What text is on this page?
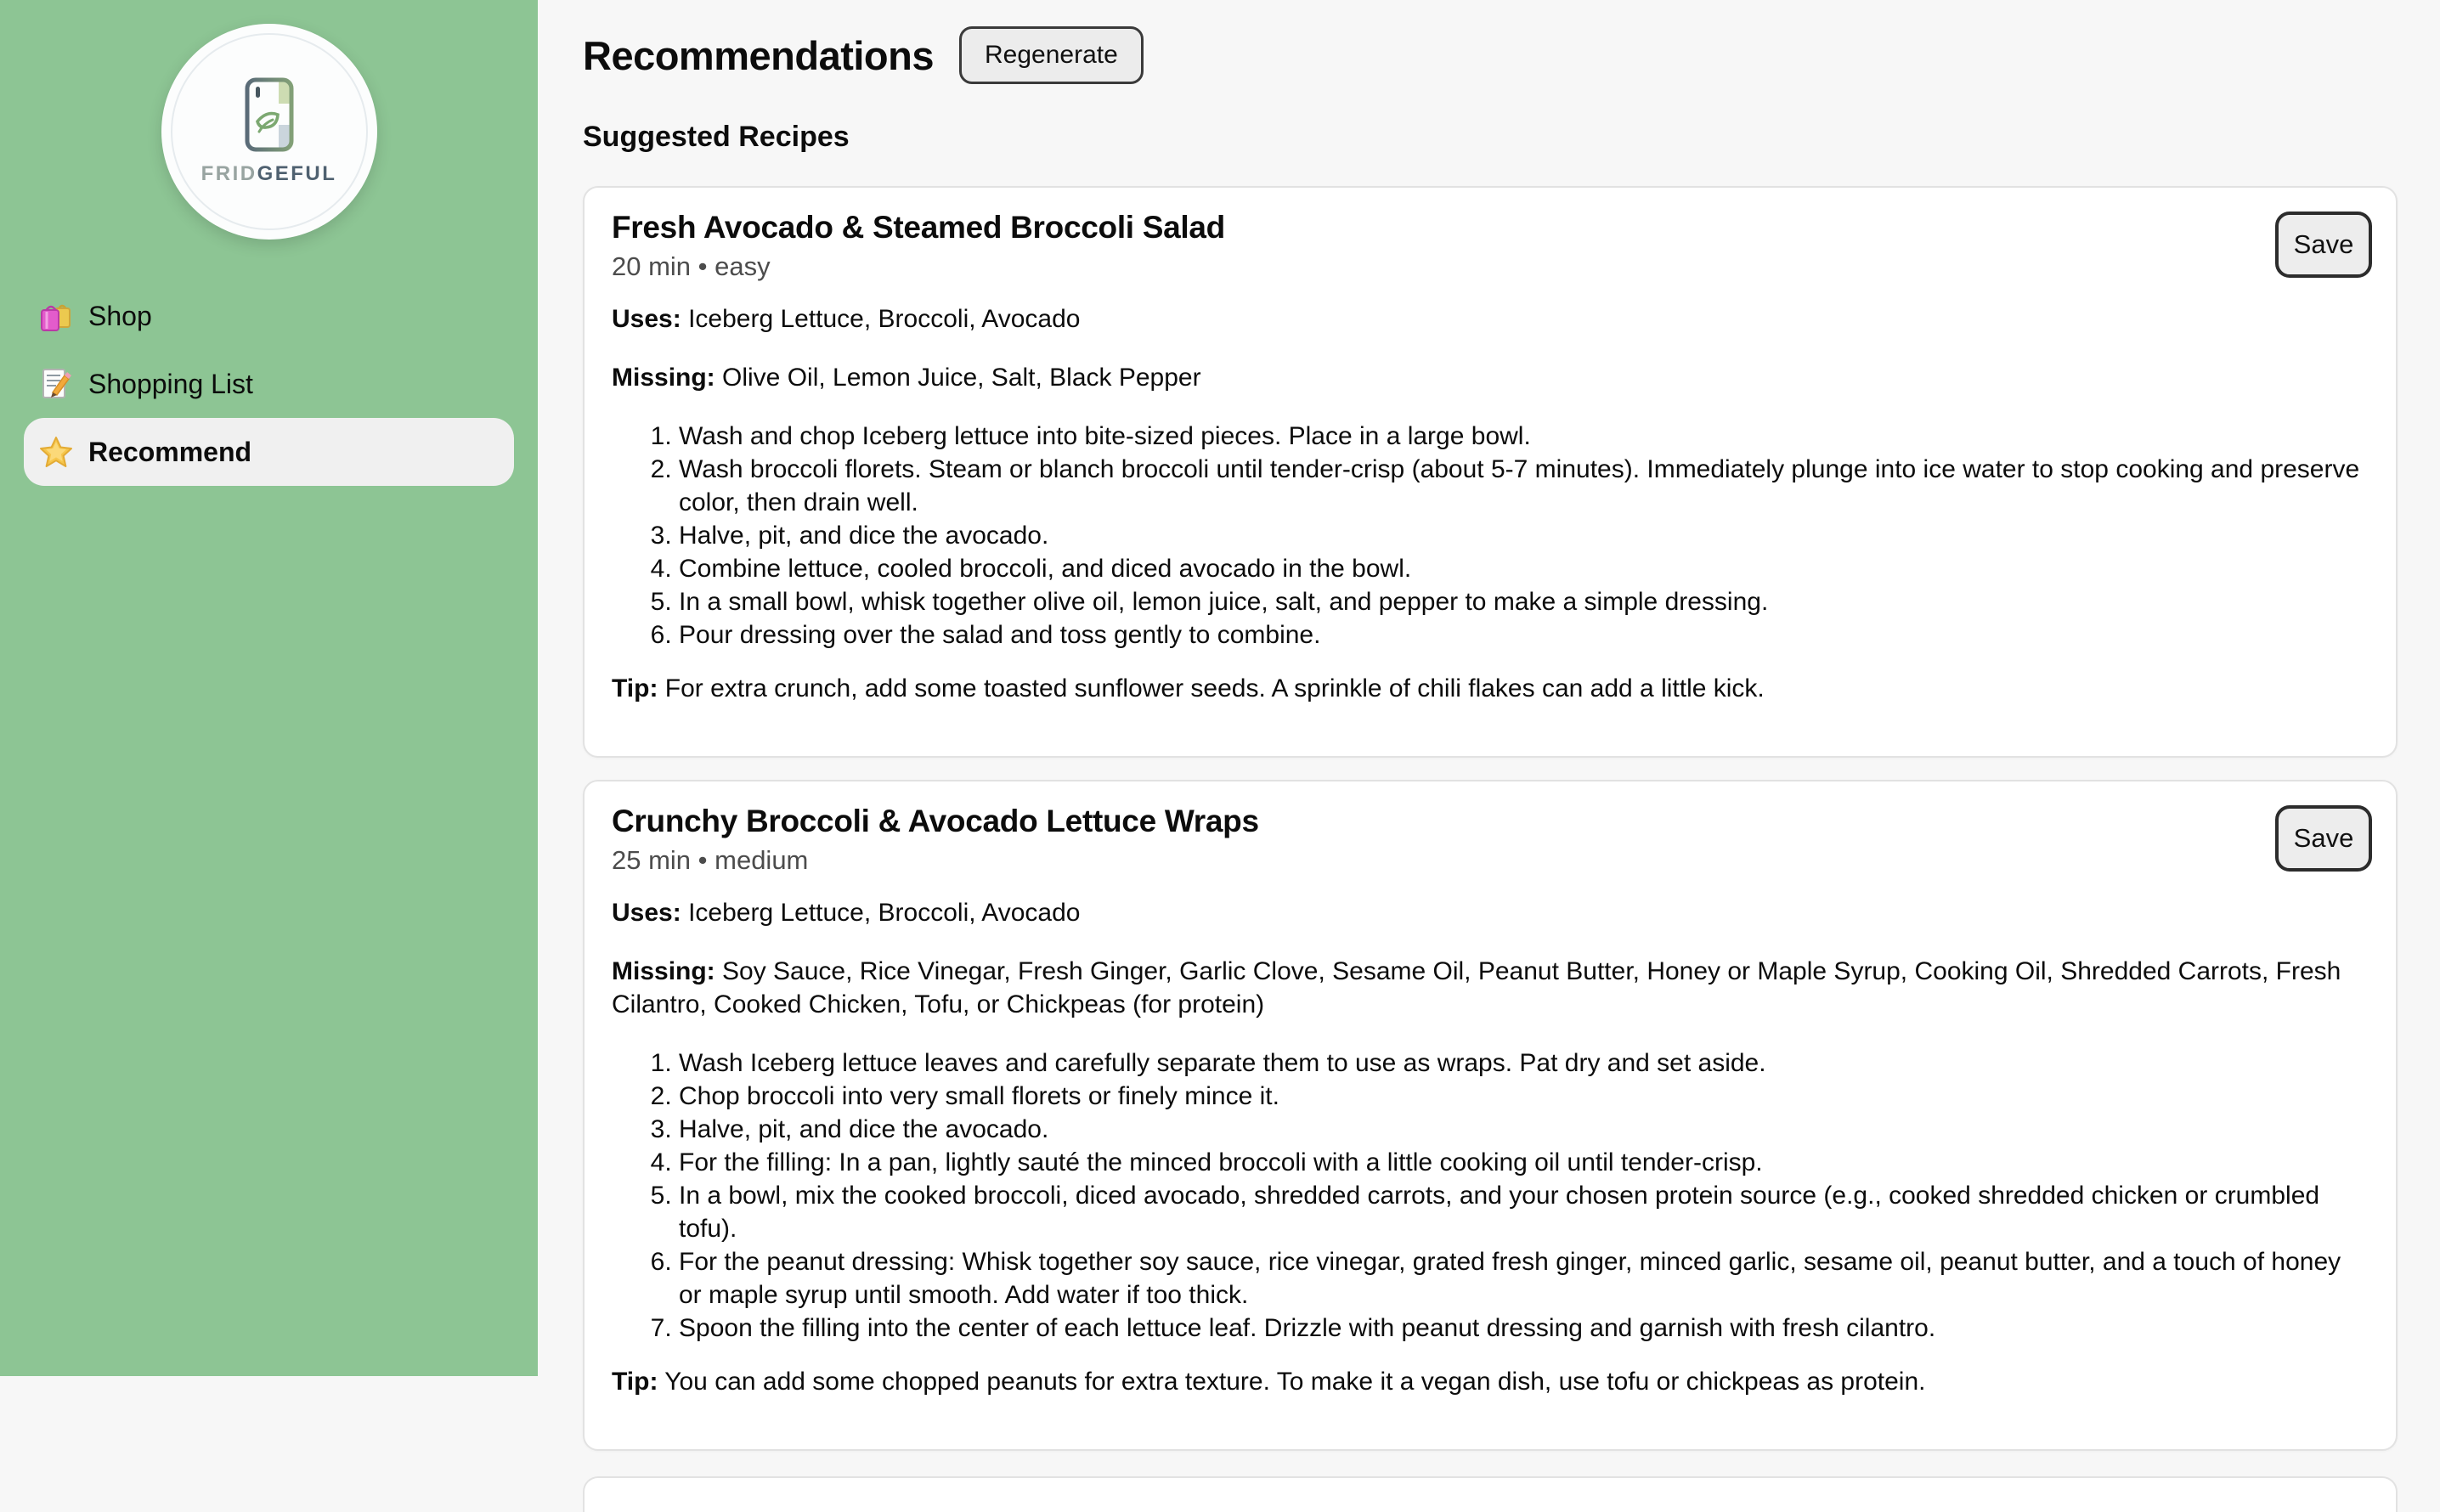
FRIDGEFUL
Shop
Shopping List
Recommend
Recommendations	Regenerate
Suggested Recipes
Save
Fresh Avocado & Steamed Broccoli Salad
20 min • easy

Uses: Iceberg Lettuce, Broccoli, Avocado

Missing: Olive Oil, Lemon Juice, Salt, Black Pepper

1. Wash and chop Iceberg lettuce into bite-sized pieces. Place in a large bowl.
2. Wash broccoli florets. Steam or blanch broccoli until tender-crisp (about 5-7 minutes). Immediately plunge into ice water to stop cooking and preserve color, then drain well.
3. Halve, pit, and dice the avocado.
4. Combine lettuce, cooled broccoli, and diced avocado in the bowl.
5. In a small bowl, whisk together olive oil, lemon juice, salt, and pepper to make a simple dressing.
6. Pour dressing over the salad and toss gently to combine.

Tip: For extra crunch, add some toasted sunflower seeds. A sprinkle of chili flakes can add a little kick.

Save
Crunchy Broccoli & Avocado Lettuce Wraps
25 min • medium

Uses: Iceberg Lettuce, Broccoli, Avocado

Missing: Soy Sauce, Rice Vinegar, Fresh Ginger, Garlic Clove, Sesame Oil, Peanut Butter, Honey or Maple Syrup, Cooking Oil, Shredded Carrots, Fresh Cilantro, Cooked Chicken, Tofu, or Chickpeas (for protein)

1. Wash Iceberg lettuce leaves and carefully separate them to use as wraps. Pat dry and set aside.
2. Chop broccoli into very small florets or finely mince it.
3. Halve, pit, and dice the avocado.
4. For the filling: In a pan, lightly sauté the minced broccoli with a little cooking oil until tender-crisp.
5. In a bowl, mix the cooked broccoli, diced avocado, shredded carrots, and your chosen protein source (e.g., cooked shredded chicken or crumbled tofu).
6. For the peanut dressing: Whisk together soy sauce, rice vinegar, grated fresh ginger, minced garlic, sesame oil, peanut butter, and a touch of honey or maple syrup until smooth. Add water if too thick.
7. Spoon the filling into the center of each lettuce leaf. Drizzle with peanut dressing and garnish with fresh cilantro.

Tip: You can add some chopped peanuts for extra texture. To make it a vegan dish, use tofu or chickpeas as protein.
